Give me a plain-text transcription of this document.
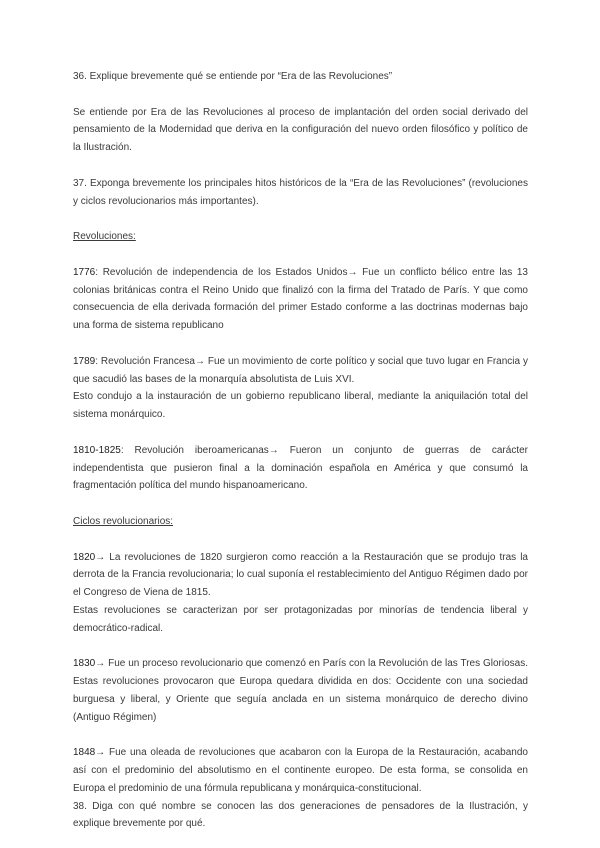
36. Explique brevemente qué se entiende por “Era de las Revoluciones”

Se entiende por Era de las Revoluciones al proceso de implantación del orden social derivado del pensamiento de la Modernidad que deriva en la configuración del nuevo orden filosófico y político de la Ilustración.

37. Exponga brevemente los principales hitos históricos de la “Era de las Revoluciones” (revoluciones y ciclos revolucionarios más importantes).

Revoluciones:

1776: Revolución de independencia de los Estados Unidos→ Fue un conflicto bélico entre las 13 colonias británicas contra el Reino Unido que finalizó con la firma del Tratado de París. Y que como consecuencia de ella derivada formación del primer Estado conforme a las doctrinas modernas bajo una forma de sistema republicano

1789: Revolución Francesa→ Fue un movimiento de corte político y social que tuvo lugar en Francia y que sacudió las bases de la monarquía absolutista de Luis XVI.

Esto condujo a la instauración de un gobierno republicano liberal, mediante la aniquilación total del sistema monárquico.

1810-1825: Revolución iberoamericanas→ Fueron un conjunto de guerras de carácter independentista que pusieron final a la dominación española en América y que consumó la fragmentación política del mundo hispanoamericano.

Ciclos revolucionarios:

1820→ La revoluciones de 1820 surgieron como reacción a la Restauración que se produjo tras la derrota de la Francia revolucionaria; lo cual suponía el restablecimiento del Antiguo Régimen dado por el Congreso de Viena de 1815.

Estas revoluciones se caracterizan por ser protagonizadas por minorías de tendencia liberal y democrático-radical.

1830→ Fue un proceso revolucionario que comenzó en París con la Revolución de las Tres Gloriosas. Estas revoluciones provocaron que Europa quedara dividida en dos: Occidente con una sociedad burguesa y liberal, y Oriente que seguía anclada en un sistema monárquico de derecho divino (Antiguo Régimen)

1848→ Fue una oleada de revoluciones que acabaron con la Europa de la Restauración, acabando así con el predominio del absolutismo en el continente europeo. De esta forma, se consolida en Europa el predominio de una fórmula republicana y monárquica-constitucional.

38. Diga con qué nombre se conocen las dos generaciones de pensadores de la Ilustración, y explique brevemente por qué.
